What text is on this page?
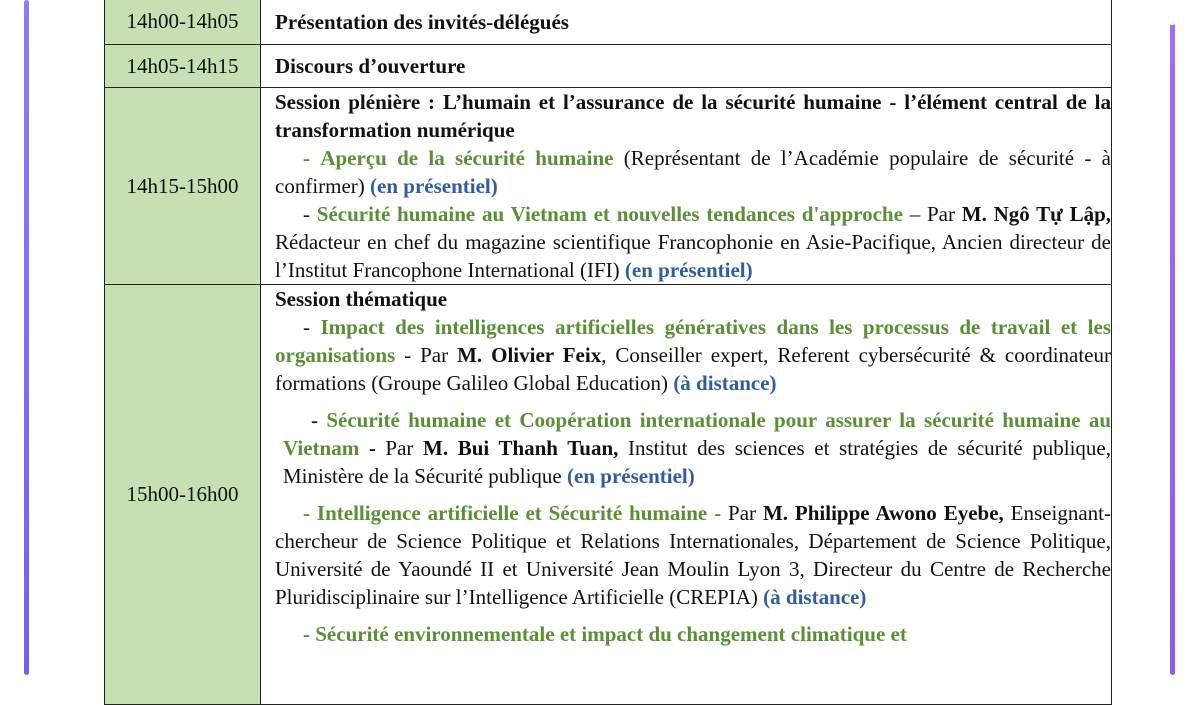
14h00-14h05	Présentation des invités-délégués

14h05-14h15	Discours d’ouverture

14h15-15h00	Session plénière : L’humain et l’assurance de la sécurité humaine - l’élément central de la transformation numérique

- Aperçu de la sécurité humaine (Représentant de l’Académie populaire de sécurité - à confirmer) (en présentiel)

- Sécurité humaine au Vietnam et nouvelles tendances d'approche – Par M. Ngô Tự Lập, Rédacteur en chef du magazine scientifique Francophonie en Asie-Pacifique, Ancien directeur de l’Institut Francophone International (IFI) (en présentiel)

15h00-16h00	Session thématique

- Impact des intelligences artificielles génératives dans les processus de travail et les organisations - Par M. Olivier Feix, Conseiller expert, Referent cybersécurité & coordinateur formations (Groupe Galileo Global Education) (à distance)

- Sécurité humaine et Coopération internationale pour assurer la sécurité humaine au Vietnam - Par M. Bui Thanh Tuan, Institut des sciences et stratégies de sécurité publique, Ministère de la Sécurité publique (en présentiel)

- Intelligence artificielle et Sécurité humaine - Par M. Philippe Awono Eyebe, Enseignant-chercheur de Science Politique et Relations Internationales, Département de Science Politique, Université de Yaoundé II et Université Jean Moulin Lyon 3, Directeur du Centre de Recherche Pluridisciplinaire sur l’Intelligence Artificielle (CREPIA) (à distance)

- Sécurité environnementale et impact du changement climatique et
